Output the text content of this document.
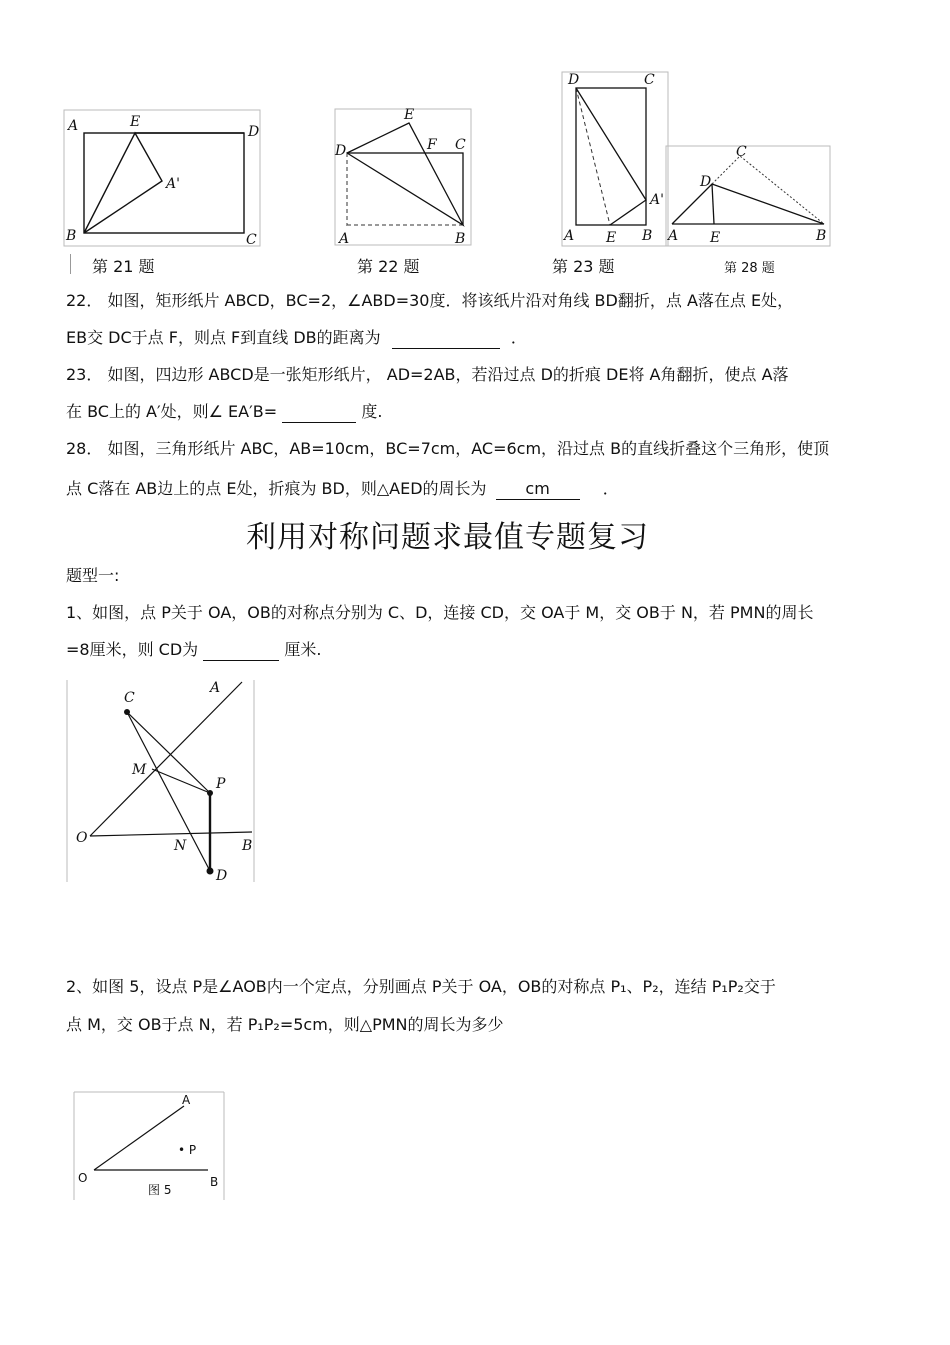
A	E
D
A'
B	C
D
E
F C
A	B
D	C
A'
A E B
C
D
A E	B
第 21 题	第 22 题	第 23 题	第 28 题
22． 如图，矩形纸片 ABCD，BC=2，∠ABD=30度．将该纸片沿对角线 BD翻折，点 A落在点 E处，
EB交 DC于点 F，则点 F到直线 DB的距离为	．
23． 如图，四边形 ABCD是一张矩形纸片， AD=2AB，若沿过点 D的折痕 DE将 A角翻折，使点 A落
在 BC上的 A′处，则∠ EA′B=	度.
28． 如图，三角形纸片 ABC，AB=10cm，BC=7cm，AC=6cm，沿过点 B的直线折叠这个三角形，使顶
点 C落在 AB边上的点 E处，折痕为 BD，则△AED的周长为 cm	．
利用对称问题求最值专题复习
题型一:
1、如图，点 P关于 OA，OB的对称点分别为 C、D，连接 CD，交 OA于 M，交 OB于 N，若 PMN的周长
=8厘米，则 CD为	厘米.
C
A
M
P
O	N	B
D
2、如图 5，设点 P是∠AOB内一个定点，分别画点 P关于 OA，OB的对称点 P₁、P₂，连结 P₁P₂交于
点 M，交 OB于点 N，若 P₁P₂=5cm，则△PMN的周长为多少
A
• P
O	B
图 5
